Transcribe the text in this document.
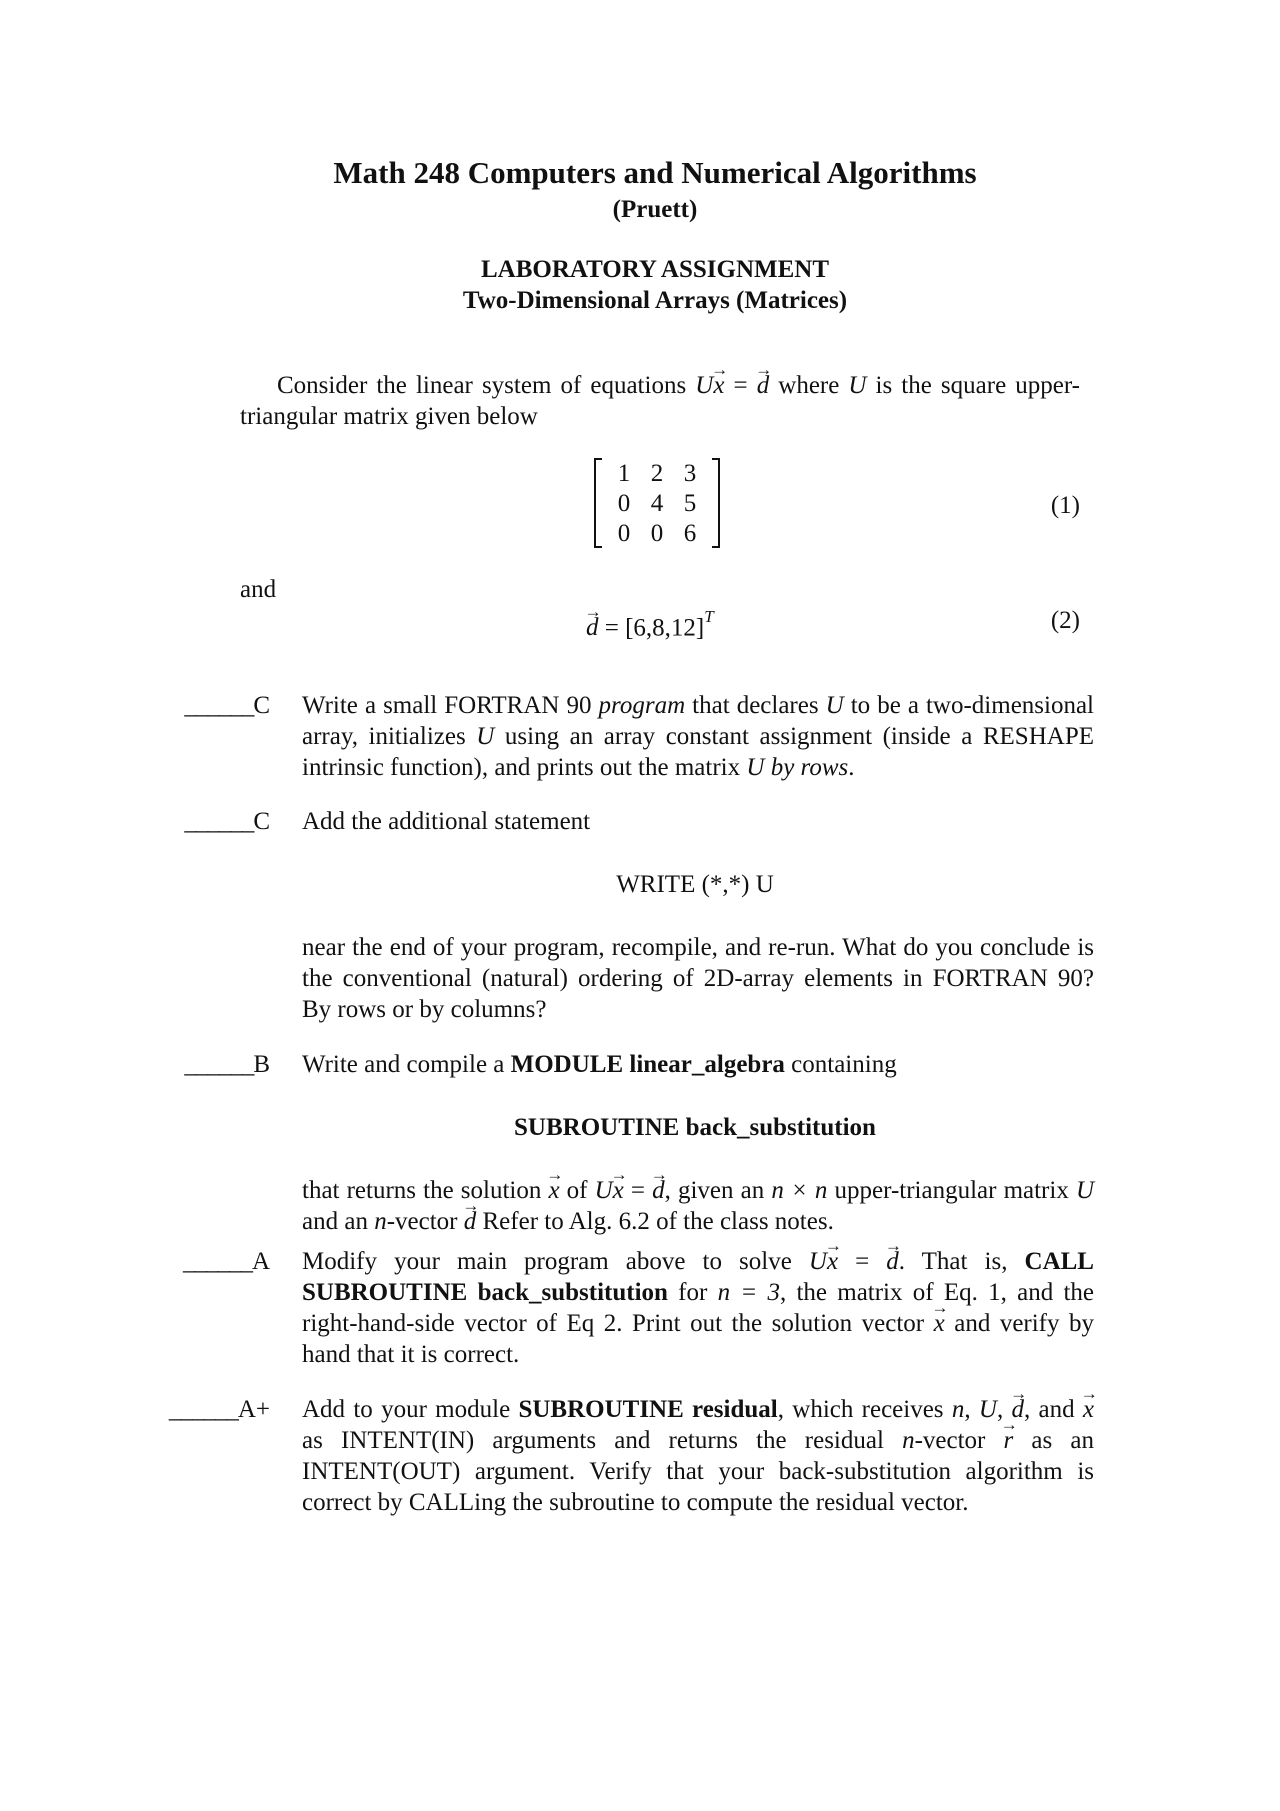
Math 248 Computers and Numerical Algorithms
(Pruett)
LABORATORY ASSIGNMENT
Two-Dimensional Arrays (Matrices)
Consider the linear system of equations Ux → = d → where U is the square upper-triangular matrix given below
1 2 3
0 4 5
0 0 6
(1)
and
d → = $[6,8,12]^T$	(2)
______C Write a small FORTRAN 90 program that declares U to be a two-dimensional array, initializes U using an array constant assignment (inside a RESHAPE intrinsic function), and prints out the matrix U by rows.

______C Add the additional statement

WRITE (*,*) U

near the end of your program, recompile, and re-run. What do you conclude is the conventional (natural) ordering of 2D-array elements in FORTRAN 90? By rows or by columns?

______B Write and compile a MODULE linear_algebra containing

SUBROUTINE back_substitution

that returns the solution x → of Ux → = d →, given an n × n upper-triangular matrix U and an n-vector d → Refer to Alg. 6.2 of the class notes.

______A Modify your main program above to solve Ux → = d →. That is, CALL SUBROUTINE back_substitution for n = 3, the matrix of Eq. 1, and the right-hand-side vector of Eq 2. Print out the solution vector x → and verify by hand that it is correct.

______A+ Add to your module SUBROUTINE residual, which receives n, U, d →, and x → as INTENT(IN) arguments and returns the residual n-vector r → as an INTENT(OUT) argument. Verify that your back-substitution algorithm is correct by CALLing the subroutine to compute the residual vector.
